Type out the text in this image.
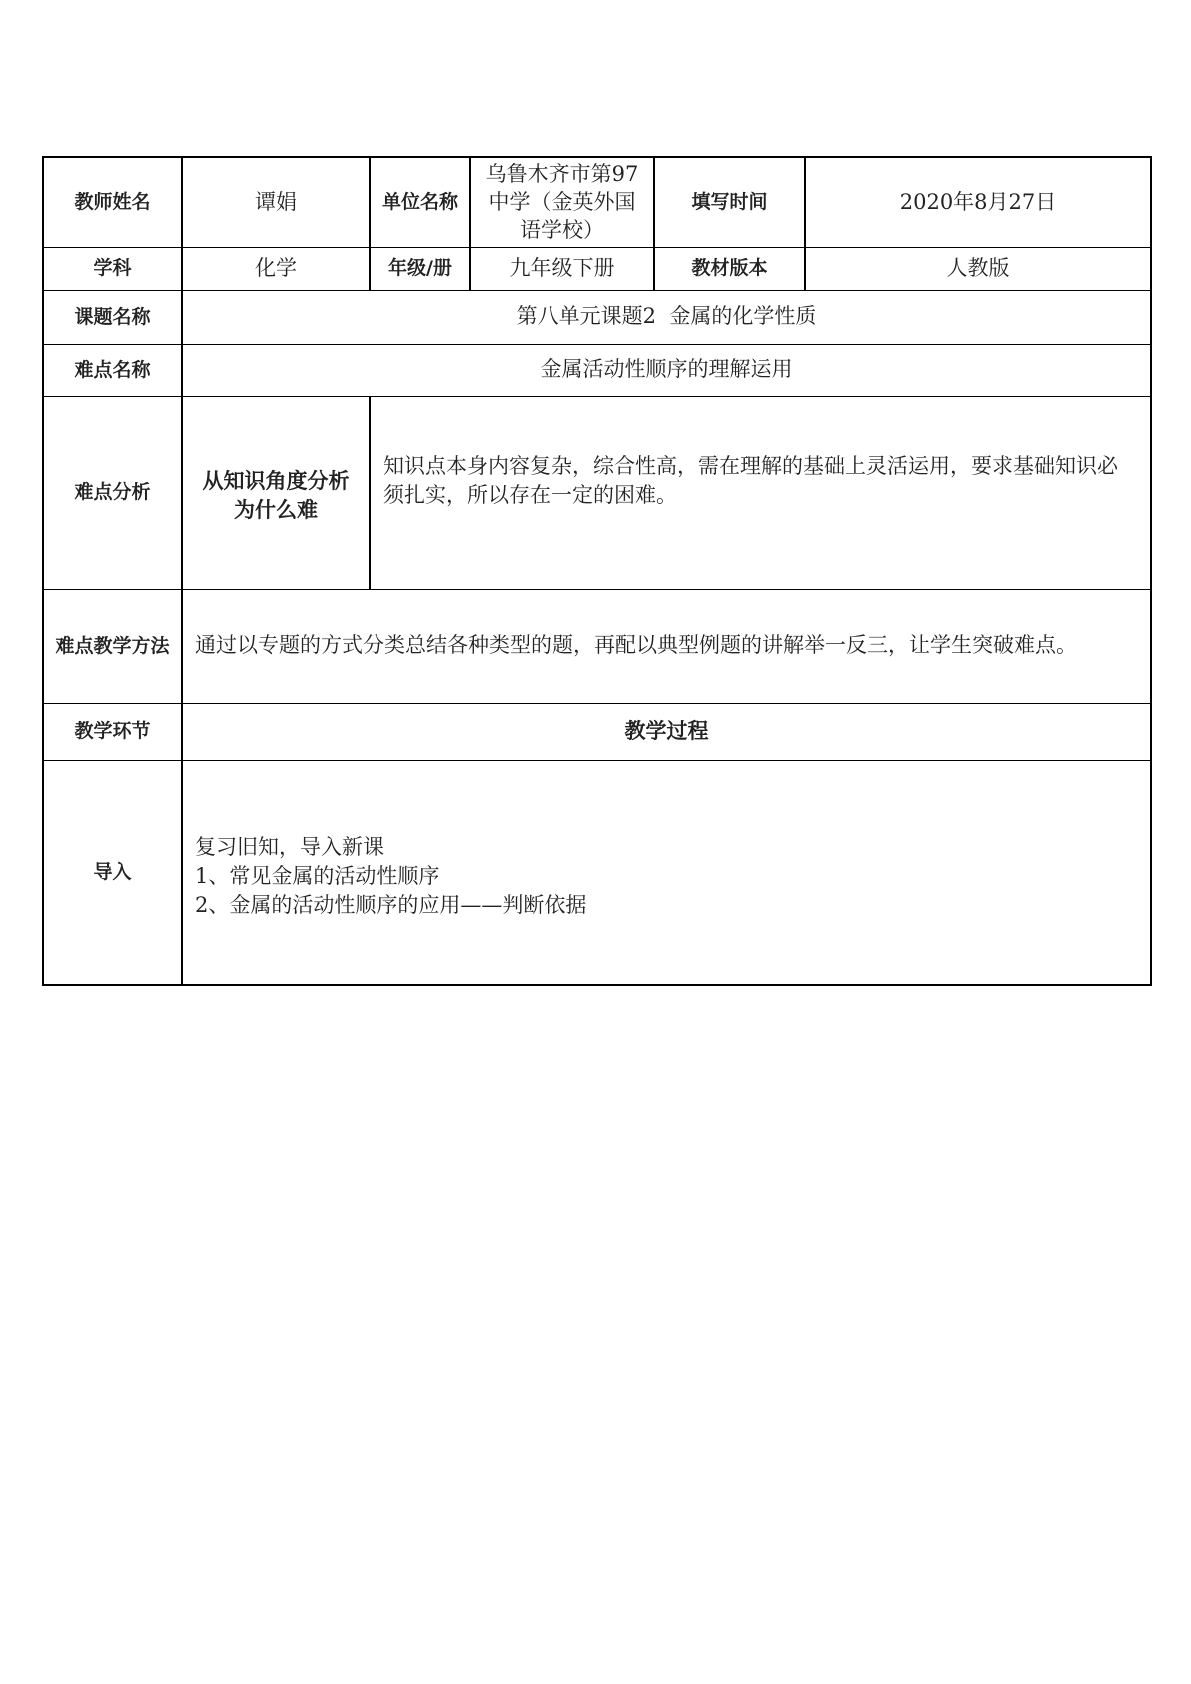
教师姓名	谭娟	单位名称	乌鲁木齐市第97中学（金英外国语学校）	填写时间	2020年8月27日
学科	化学	年级/册	九年级下册	教材版本	人教版
课题名称	第八单元课题2  金属的化学性质				
难点名称	金属活动性顺序的理解运用				
难点分析	从知识角度分析为什么难	知识点本身内容复杂，综合性高，需在理解的基础上灵活运用，要求基础知识必须扎实，所以存在一定的困难。			
难点教学方法	通过以专题的方式分类总结各种类型的题，再配以典型例题的讲解举一反三，让学生突破难点。				
教学环节	教学过程				
导入	复习旧知，导入新课
1、常见金属的活动性顺序
2、金属的活动性顺序的应用——判断依据				
